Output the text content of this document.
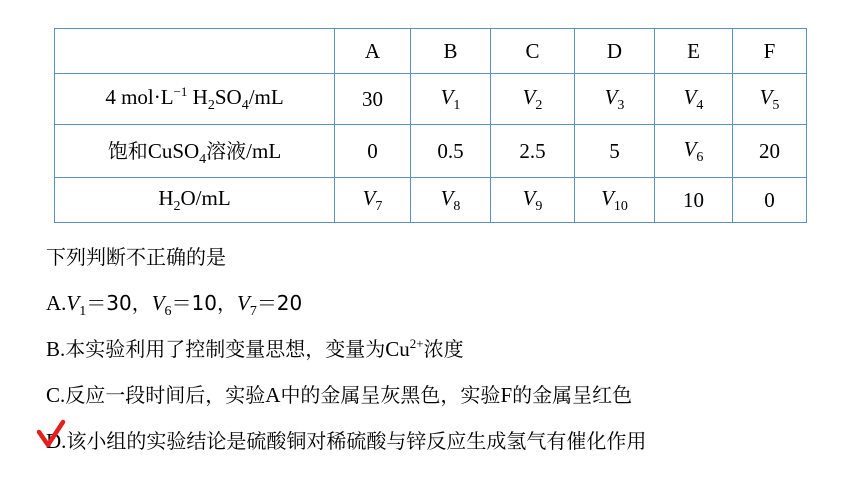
	A	B	C	D	E	F
4 $mol\cdot L^{-1}$ $H_2SO_4/mL$	30	$V_1$	$V_2$	$V_3$	$V_4$	$V_5$
饱和CuSO$_4$溶液/mL	0	0.5	2.5	5	$V_6$	20
$H_2O/mL$	$V_7$	$V_8$	$V_9$	$V_{10}$	10	0
下列判断不正确的是
$A.V_1=30$，$V_6=10$，$V_7=20$
B.本实验利用了控制变量思想，变量为$Cu^{2+}$浓度
C.反应一段时间后，实验A中的金属呈灰黑色，实验F的金属呈红色
D.该小组的实验结论是硫酸铜对稀硫酸与锌反应生成氢气有催化作用
